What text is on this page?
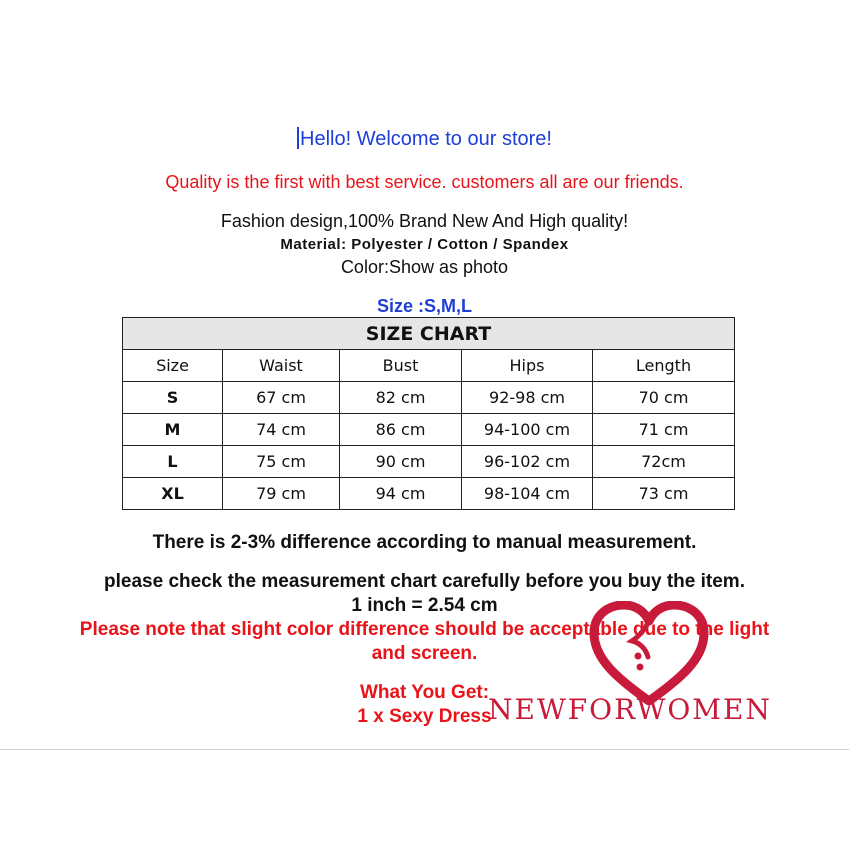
Hello! Welcome to our store!
Quality is the first with best service. customers all are our friends.
Fashion design,100% Brand New And High quality!
Material: Polyester / Cotton / Spandex
Color:Show as photo
Size :S,M,L
SIZE CHART				
Size	Waist	Bust	Hips	Length
S	67 cm	82 cm	92-98 cm	70 cm
M	74 cm	86 cm	94-100 cm	71 cm
L	75 cm	90 cm	96-102 cm	72cm
XL	79 cm	94 cm	98-104 cm	73 cm
There is 2-3% difference according to manual measurement.
please check the measurement chart carefully before you buy the item.
1 inch = 2.54 cm
Please note that slight color difference should be acceptable due to the light
and screen.
What You Get:
1 x Sexy Dress
NEWFORWOMEN
